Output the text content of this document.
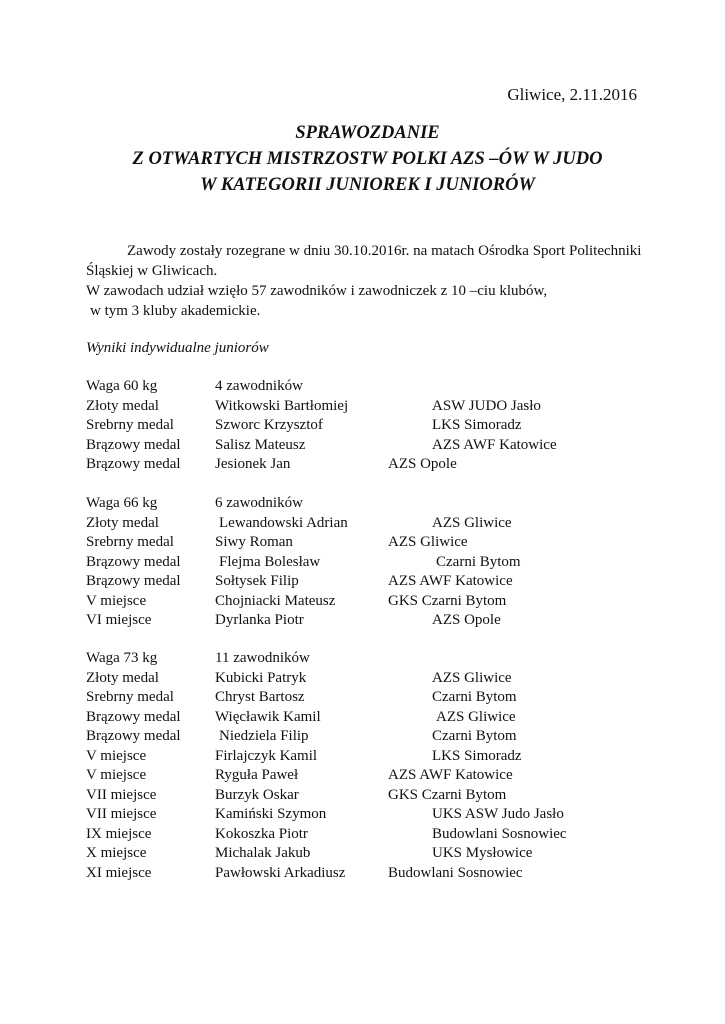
Gliwice, 2.11.2016
SPRAWOZDANIE
Z OTWARTYCH MISTRZOSTW POLKI AZS –ÓW W JUDO
W KATEGORII JUNIOREK I JUNIORÓW
Zawody zostały rozegrane w dniu 30.10.2016r. na matach Ośrodka Sport Politechniki Śląskiej w Gliwicach.
W zawodach udział wzięło 57 zawodników i zawodniczek z 10 –ciu klubów,
w tym 3 kluby akademickie.
Wyniki indywidualne juniorów
Waga 60 kg	4 zawodników
Złoty medal	Witkowski Bartłomiej	ASW JUDO Jasło
Srebrny medal	Szworc Krzysztof	LKS Simoradz
Brązowy medal Salisz Mateusz	AZS AWF Katowice
Brązowy medal Jesionek Jan	AZS Opole
Waga 66 kg	6 zawodników
Złoty medal	Lewandowski Adrian	AZS Gliwice
Srebrny medal	Siwy Roman	AZS Gliwice
Brązowy medal	Flejma Bolesław	Czarni Bytom
Brązowy medal Sołtysek Filip	AZS AWF Katowice
V miejsce	Chojniacki Mateusz	GKS Czarni Bytom
VI miejsce	Dyrlanka Piotr	AZS Opole
Waga 73 kg	11 zawodników
Złoty medal	Kubicki Patryk	AZS Gliwice
Srebrny medal	Chryst Bartosz	Czarni Bytom
Brązowy medal Więcławik Kamil	AZS Gliwice
Brązowy medal	Niedziela Filip	Czarni Bytom
V miejsce	Firlajczyk Kamil	LKS Simoradz
V miejsce	Ryguła Paweł	AZS AWF Katowice
VII miejsce	Burzyk Oskar	GKS Czarni Bytom
VII miejsce	Kamiński Szymon	UKS ASW Judo Jasło
IX miejsce	Kokoszka Piotr	Budowlani Sosnowiec
X miejsce	Michalak Jakub	UKS Mysłowice
XI miejsce	Pawłowski Arkadiusz	Budowlani Sosnowiec
